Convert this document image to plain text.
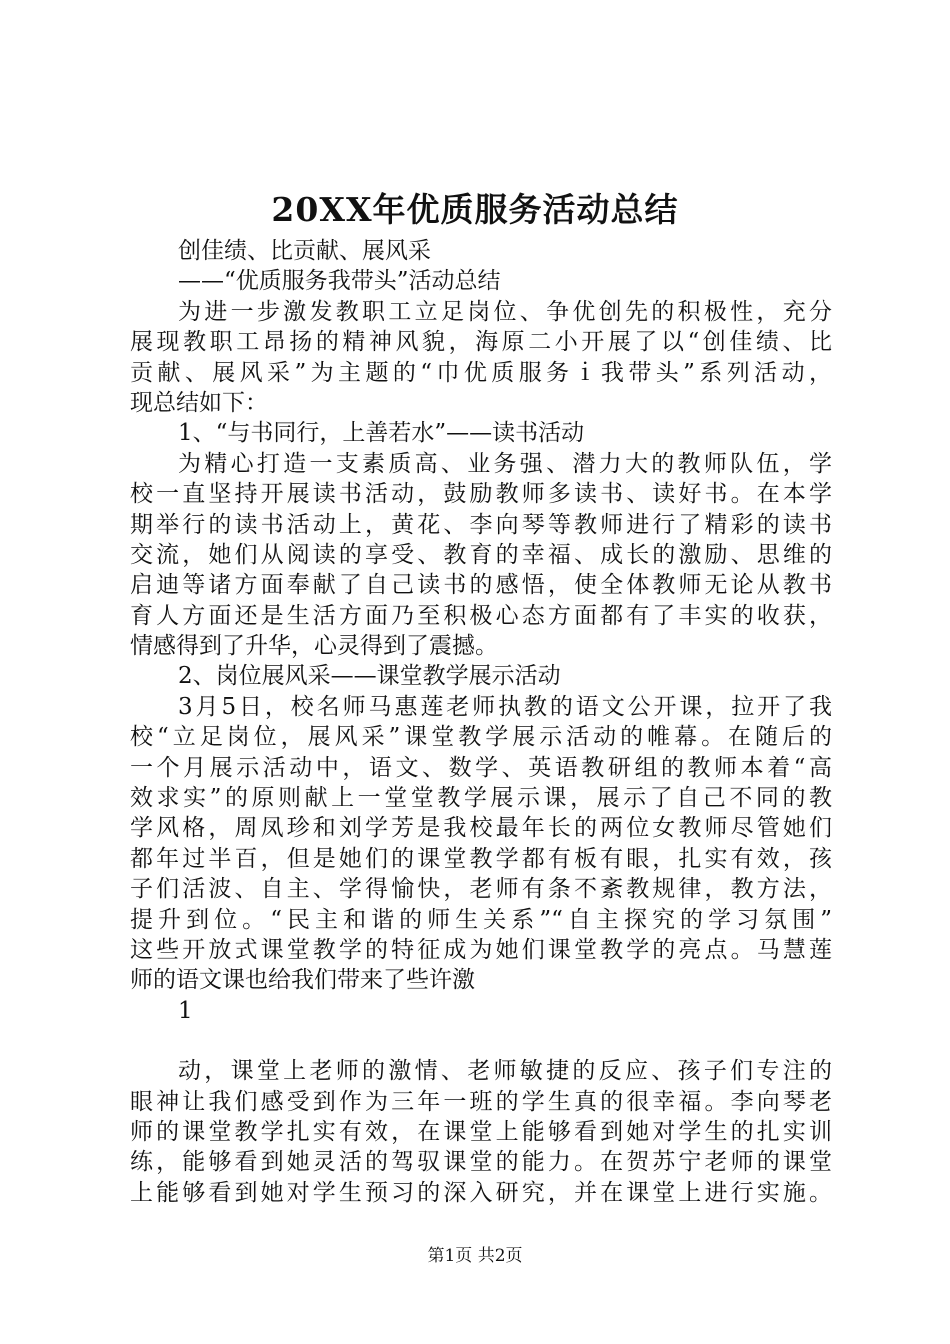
20XX年优质服务活动总结
创佳绩、比贡献、展风采
——“优质服务我带头”活动总结
为进一步激发教职工立足岗位、争优创先的积极性，充分
展现教职工昂扬的精神风貌，海原二小开展了以“创佳绩、比
贡献、展风采”为主题的“巾优质服务ｉ我带头”系列活动，
现总结如下：
1、“与书同行，上善若水”——读书活动
为精心打造一支素质高、业务强、潜力大的教师队伍，学
校一直坚持开展读书活动，鼓励教师多读书、读好书。在本学
期举行的读书活动上，黄花、李向琴等教师进行了精彩的读书
交流，她们从阅读的享受、教育的幸福、成长的激励、思维的
启迪等诸方面奉献了自己读书的感悟，使全体教师无论从教书
育人方面还是生活方面乃至积极心态方面都有了丰实的收获，
情感得到了升华，心灵得到了震撼。
2、岗位展风采——课堂教学展示活动
3月5日，校名师马惠莲老师执教的语文公开课，拉开了我
校“立足岗位，展风采”课堂教学展示活动的帷幕。在随后的
一个月展示活动中，语文、数学、英语教研组的教师本着“高
效求实”的原则献上一堂堂教学展示课，展示了自己不同的教
学风格，周凤珍和刘学芳是我校最年长的两位女教师尽管她们
都年过半百，但是她们的课堂教学都有板有眼，扎实有效，孩
子们活波、自主、学得愉快，老师有条不紊教规律，教方法，
提升到位。“民主和谐的师生关系”“自主探究的学习氛围”
这些开放式课堂教学的特征成为她们课堂教学的亮点。马慧莲
师的语文课也给我们带来了些许激
1
动，课堂上老师的激情、老师敏捷的反应、孩子们专注的
眼神让我们感受到作为三年一班的学生真的很幸福。李向琴老
师的课堂教学扎实有效，在课堂上能够看到她对学生的扎实训
练，能够看到她灵活的驾驭课堂的能力。在贺苏宁老师的课堂
上能够看到她对学生预习的深入研究，并在课堂上进行实施。
第1页 共2页
